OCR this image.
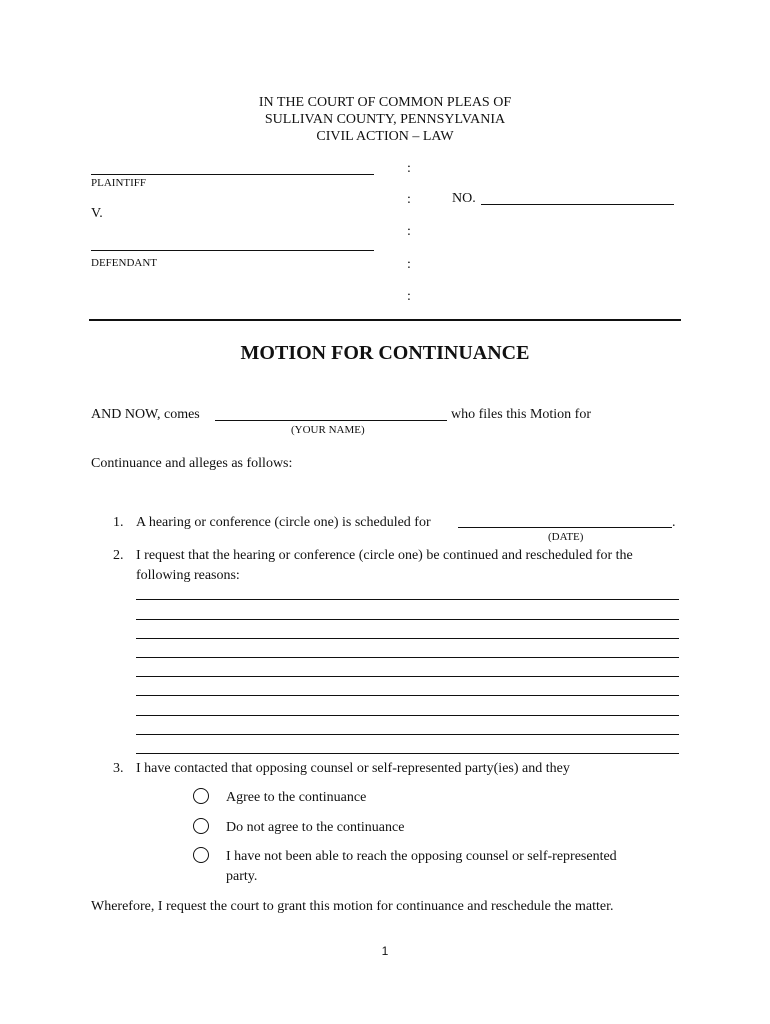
IN THE COURT OF COMMON PLEAS OF
SULLIVAN COUNTY, PENNSYLVANIA
CIVIL ACTION – LAW
PLAINTIFF
V.
DEFENDANT
:
:
:
:
:
NO.
MOTION FOR CONTINUANCE
AND NOW, comes	who files this Motion for
(YOUR NAME)
Continuance and alleges as follows:
1. A hearing or conference (circle one) is scheduled for	.
(DATE)
2. I request that the hearing or conference (circle one) be continued and rescheduled for the
following reasons:
3. I have contacted that opposing counsel or self-represented party(ies) and they
Agree to the continuance
Do not agree to the continuance
I have not been able to reach the opposing counsel or self-represented
party.
Wherefore, I request the court to grant this motion for continuance and reschedule the matter.
1
